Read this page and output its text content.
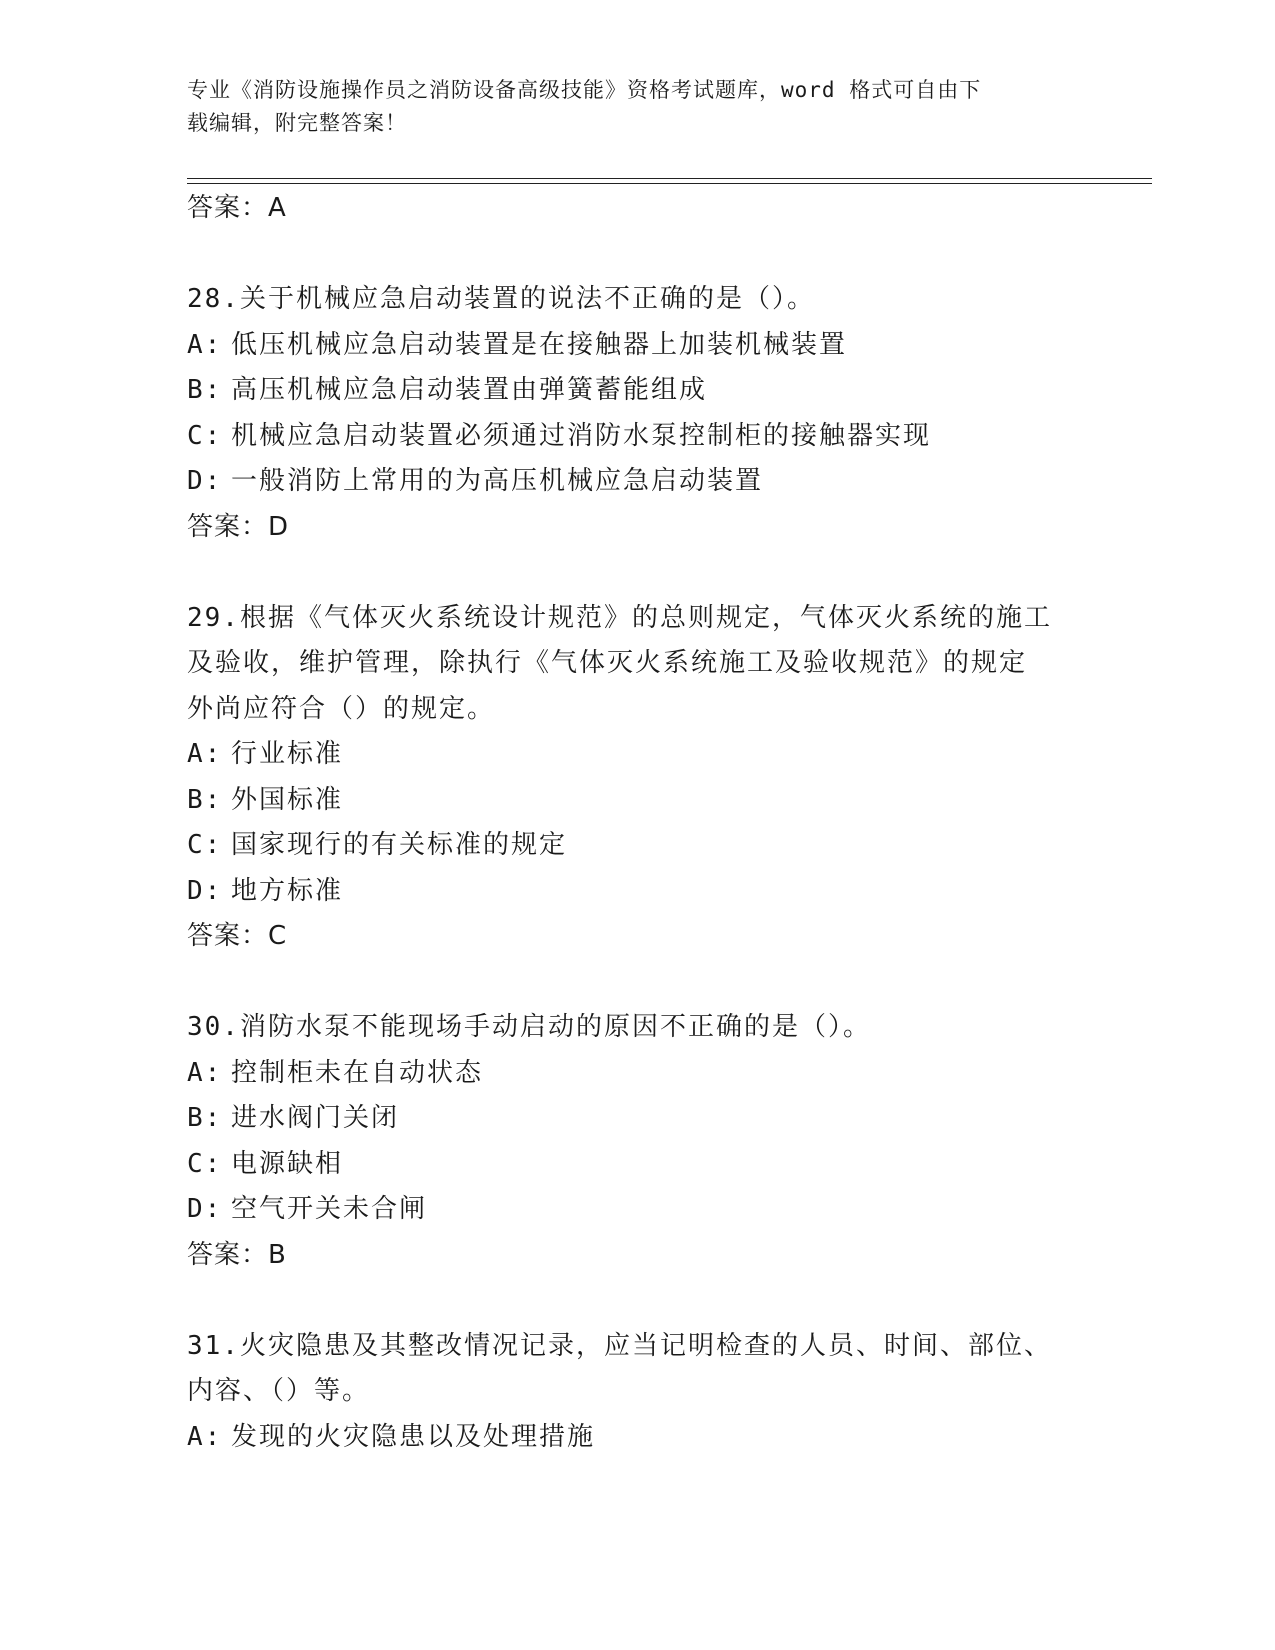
专业《消防设施操作员之消防设备高级技能》资格考试题库，word 格式可自由下
载编辑，附完整答案！
答案：A
28.关于机械应急启动装置的说法不正确的是（）。
A: 低压机械应急启动装置是在接触器上加装机械装置
B: 高压机械应急启动装置由弹簧蓄能组成
C: 机械应急启动装置必须通过消防水泵控制柜的接触器实现
D: 一般消防上常用的为高压机械应急启动装置
答案：D
29.根据《气体灭火系统设计规范》的总则规定，气体灭火系统的施工
及验收，维护管理，除执行《气体灭火系统施工及验收规范》的规定
外尚应符合（）的规定。
A: 行业标准
B: 外国标准
C: 国家现行的有关标准的规定
D: 地方标准
答案：C
30.消防水泵不能现场手动启动的原因不正确的是（）。
A: 控制柜未在自动状态
B: 进水阀门关闭
C: 电源缺相
D: 空气开关未合闸
答案：B
31.火灾隐患及其整改情况记录，应当记明检查的人员、时间、部位、
内容、（）等。
A: 发现的火灾隐患以及处理措施
